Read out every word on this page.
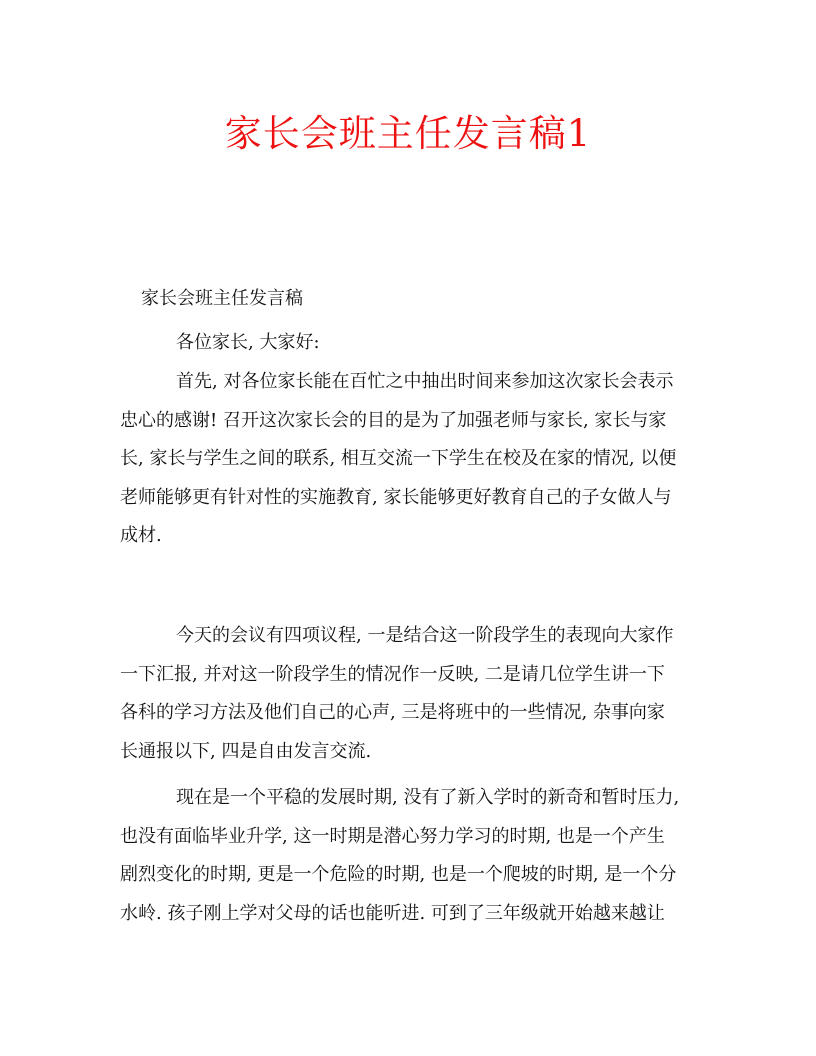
家长会班主任发言稿1

家长会班主任发言稿

各位家长, 大家好:
首先, 对各位家长能在百忙之中抽出时间来参加这次家长会表示
忠心的感谢! 召开这次家长会的目的是为了加强老师与家长, 家长与家
长, 家长与学生之间的联系, 相互交流一下学生在校及在家的情况, 以便
老师能够更有针对性的实施教育, 家长能够更好教育自己的子女做人与
成材.
今天的会议有四项议程, 一是结合这一阶段学生的表现向大家作
一下汇报, 并对这一阶段学生的情况作一反映, 二是请几位学生讲一下
各科的学习方法及他们自己的心声, 三是将班中的一些情况, 杂事向家
长通报以下, 四是自由发言交流.
现在是一个平稳的发展时期, 没有了新入学时的新奇和暂时压力,
也没有面临毕业升学, 这一时期是潜心努力学习的时期, 也是一个产生
剧烈变化的时期, 更是一个危险的时期, 也是一个爬坡的时期, 是一个分
水岭. 孩子刚上学对父母的话也能听进. 可到了三年级就开始越来越让
